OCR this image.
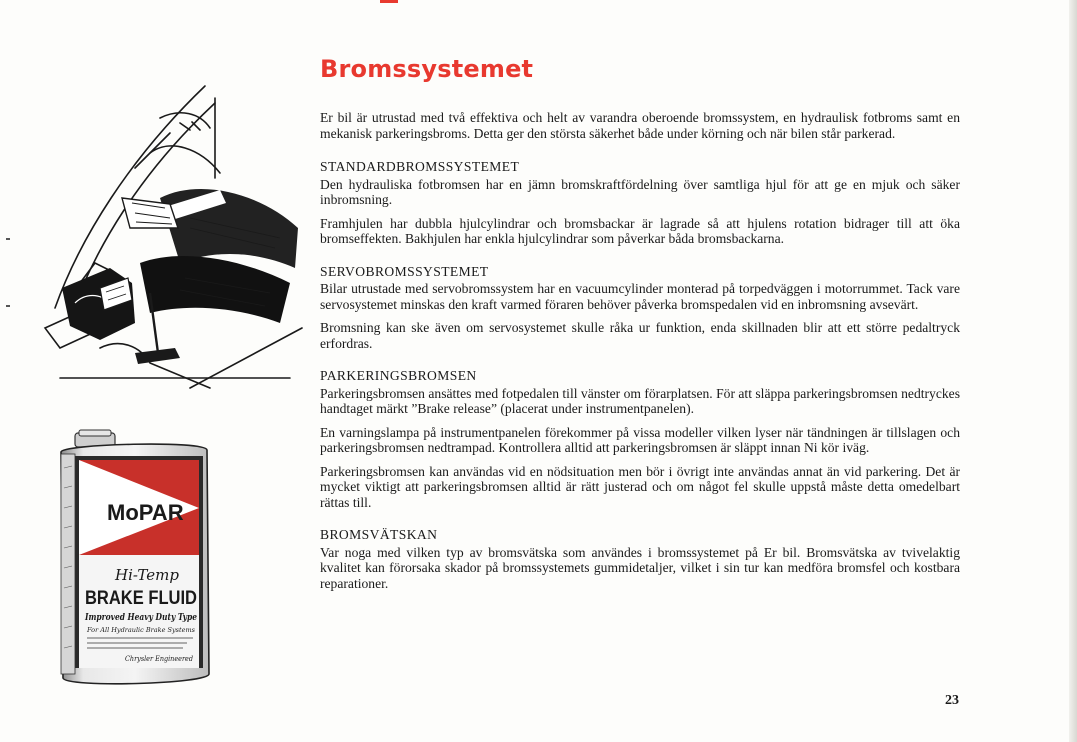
MoPAR
Hi-Temp
BRAKE FLUID
Improved Heavy Duty Type
For All Hydraulic Brake Systems
Chrysler Engineered
Bromssystemet

Er bil är utrustad med två effektiva och helt av varandra oberoende bromssystem, en hydraulisk fotbroms samt en mekanisk parkeringsbroms. Detta ger den största säkerhet både under körning och när bilen står parkerad.

STANDARDBROMSSYSTEMET

Den hydrauliska fotbromsen har en jämn bromskraftfördelning över samtliga hjul för att ge en mjuk och säker inbromsning.

Framhjulen har dubbla hjulcylindrar och bromsbackar är lagrade så att hjulens rotation bidrager till att öka bromseffekten. Bakhjulen har enkla hjulcylindrar som påverkar båda bromsbackarna.

SERVOBROMSSYSTEMET

Bilar utrustade med servobromssystem har en vacuumcylinder monterad på torpedväggen i motorrummet. Tack vare servosystemet minskas den kraft varmed föraren behöver påverka bromspedalen vid en inbromsning avsevärt.

Bromsning kan ske även om servosystemet skulle råka ur funktion, enda skillnaden blir att ett större pedaltryck erfordras.

PARKERINGSBROMSEN

Parkeringsbromsen ansättes med fotpedalen till vänster om förarplatsen. För att släppa parkeringsbromsen nedtryckes handtaget märkt ”Brake release” (placerat under instrumentpanelen).

En varningslampa på instrumentpanelen förekommer på vissa modeller vilken lyser när tändningen är tillslagen och parkeringsbromsen nedtrampad. Kontrollera alltid att parkeringsbromsen är släppt innan Ni kör iväg.

Parkeringsbromsen kan användas vid en nödsituation men bör i övrigt inte användas annat än vid parkering. Det är mycket viktigt att parkeringsbromsen alltid är rätt justerad och om något fel skulle uppstå måste detta omedelbart rättas till.

BROMSVÄTSKAN

Var noga med vilken typ av bromsvätska som användes i bromssystemet på Er bil. Bromsvätska av tvivelaktig kvalitet kan förorsaka skador på bromssystemets gummidetaljer, vilket i sin tur kan medföra bromsfel och kostbara reparationer.

23
